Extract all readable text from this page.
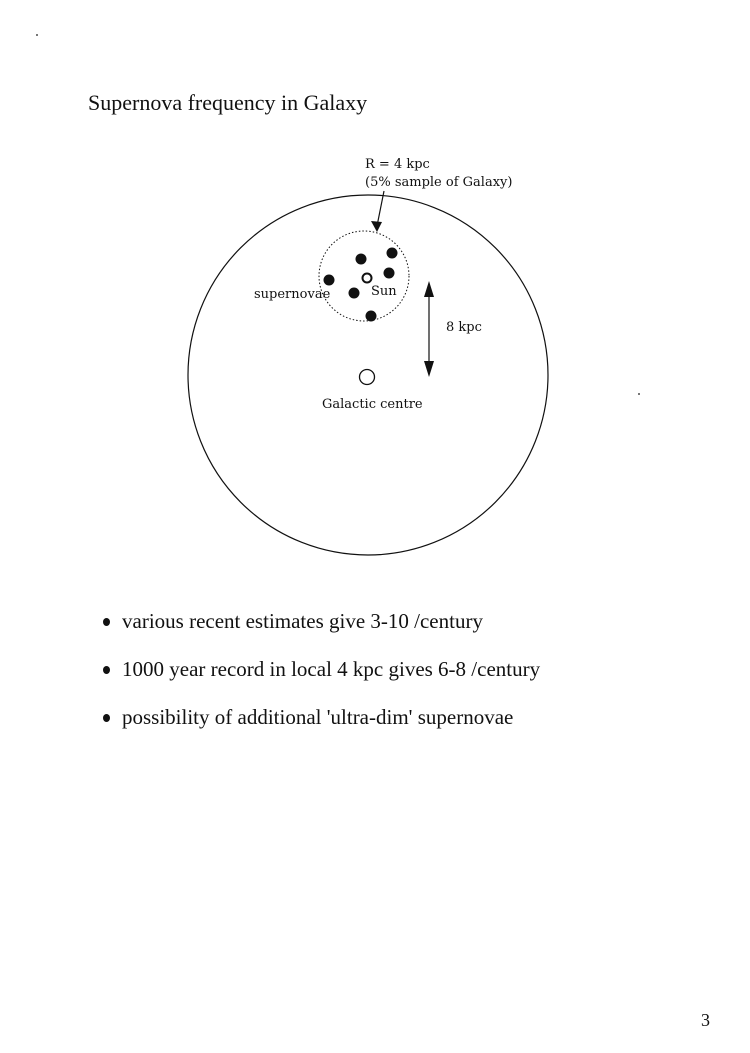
Supernova frequency in Galaxy
R = 4 kpc
(5% sample of Galaxy)
supernovae	Sun
8 kpc
Galactic centre
various recent estimates give 3-10 /century
1000 year record in local 4 kpc gives 6-8 /century
possibility of additional 'ultra-dim' supernovae
3
